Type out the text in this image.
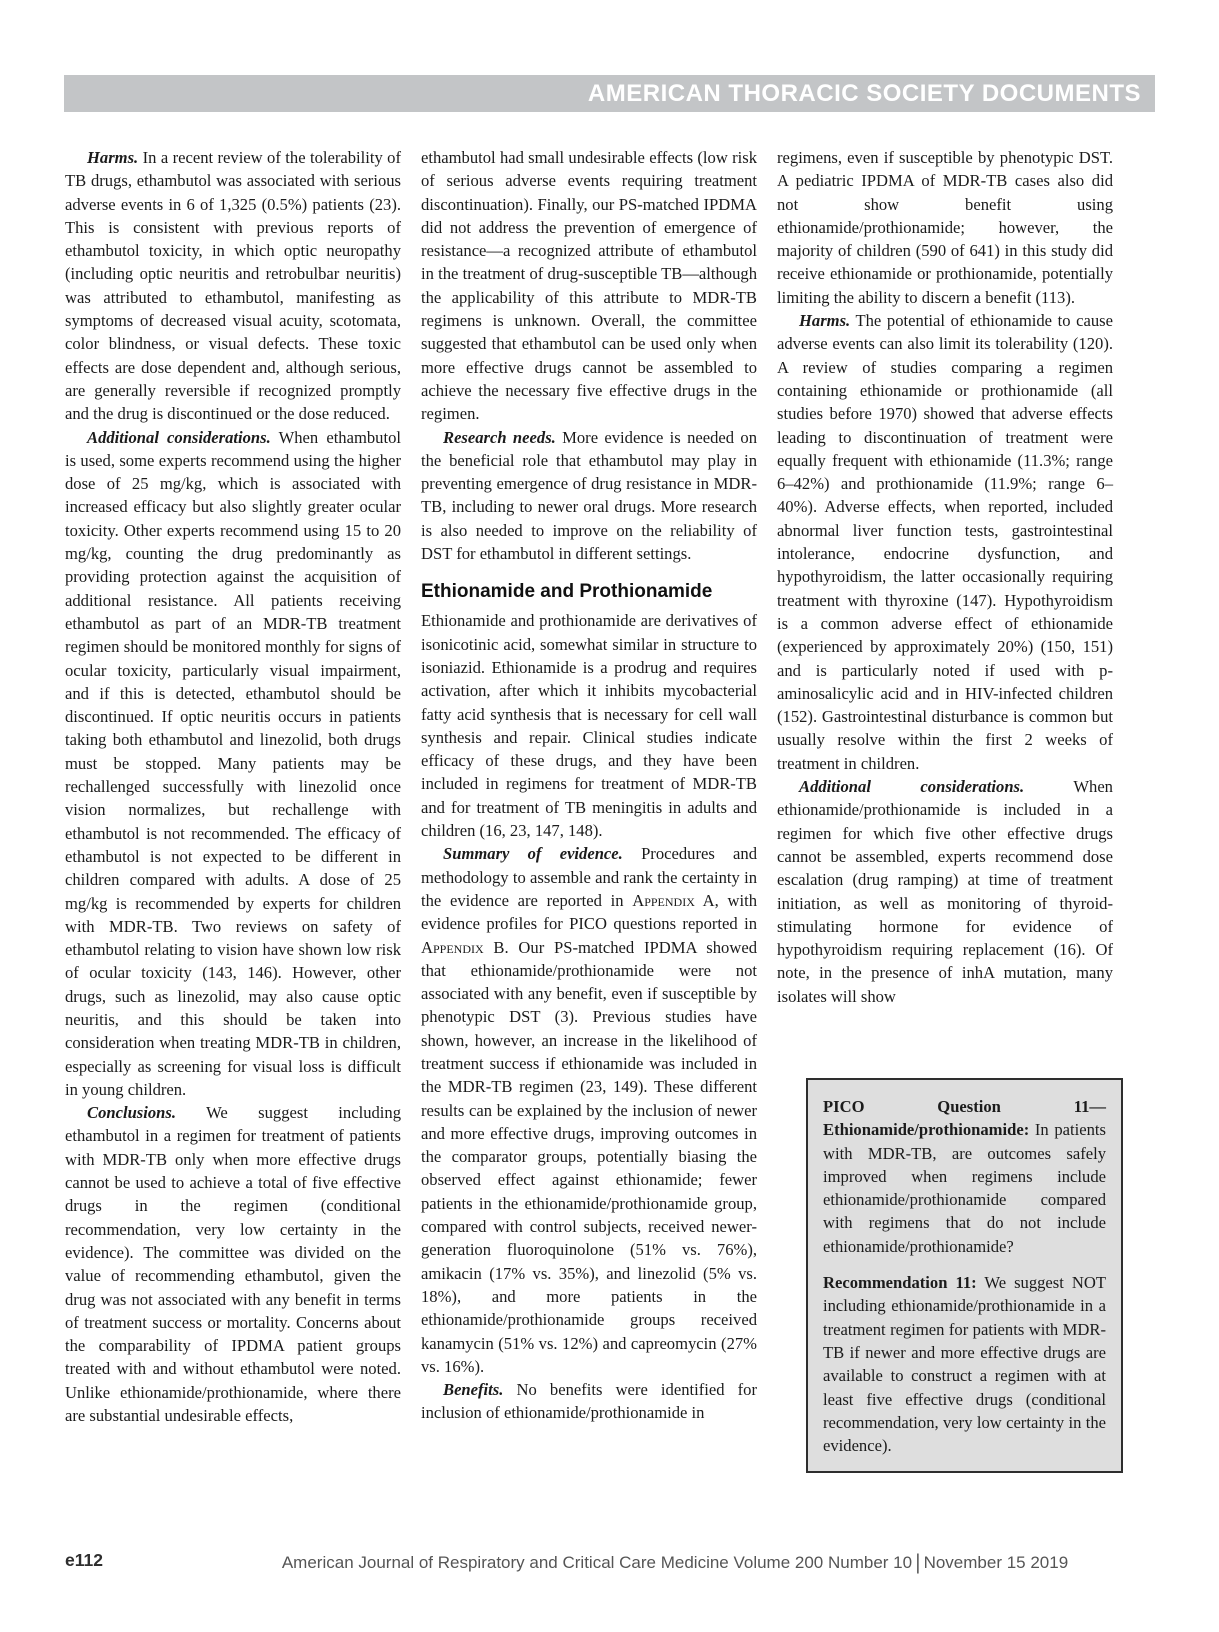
AMERICAN THORACIC SOCIETY DOCUMENTS

Harms. In a recent review of the tolerability of TB drugs, ethambutol was associated with serious adverse events in 6 of 1,325 (0.5%) patients (23). This is consistent with previous reports of ethambutol toxicity, in which optic neuropathy (including optic neuritis and retrobulbar neuritis) was attributed to ethambutol, manifesting as symptoms of decreased visual acuity, scotomata, color blindness, or visual defects. These toxic effects are dose dependent and, although serious, are generally reversible if recognized promptly and the drug is discontinued or the dose reduced.

Additional considerations. When ethambutol is used, some experts recommend using the higher dose of 25 mg/kg, which is associated with increased efficacy but also slightly greater ocular toxicity. Other experts recommend using 15 to 20 mg/kg, counting the drug predominantly as providing protection against the acquisition of additional resistance. All patients receiving ethambutol as part of an MDR-TB treatment regimen should be monitored monthly for signs of ocular toxicity, particularly visual impairment, and if this is detected, ethambutol should be discontinued. If optic neuritis occurs in patients taking both ethambutol and linezolid, both drugs must be stopped. Many patients may be rechallenged successfully with linezolid once vision normalizes, but rechallenge with ethambutol is not recommended. The efficacy of ethambutol is not expected to be different in children compared with adults. A dose of 25 mg/kg is recommended by experts for children with MDR-TB. Two reviews on safety of ethambutol relating to vision have shown low risk of ocular toxicity (143, 146). However, other drugs, such as linezolid, may also cause optic neuritis, and this should be taken into consideration when treating MDR-TB in children, especially as screening for visual loss is difficult in young children.

Conclusions. We suggest including ethambutol in a regimen for treatment of patients with MDR-TB only when more effective drugs cannot be used to achieve a total of five effective drugs in the regimen (conditional recommendation, very low certainty in the evidence). The committee was divided on the value of recommending ethambutol, given the drug was not associated with any benefit in terms of treatment success or mortality. Concerns about the comparability of IPDMA patient groups treated with and without ethambutol were noted. Unlike ethionamide/prothionamide, where there are substantial undesirable effects,

ethambutol had small undesirable effects (low risk of serious adverse events requiring treatment discontinuation). Finally, our PS-matched IPDMA did not address the prevention of emergence of resistance—a recognized attribute of ethambutol in the treatment of drug-susceptible TB—although the applicability of this attribute to MDR-TB regimens is unknown. Overall, the committee suggested that ethambutol can be used only when more effective drugs cannot be assembled to achieve the necessary five effective drugs in the regimen.

Research needs. More evidence is needed on the beneficial role that ethambutol may play in preventing emergence of drug resistance in MDR-TB, including to newer oral drugs. More research is also needed to improve on the reliability of DST for ethambutol in different settings.

Ethionamide and Prothionamide

Ethionamide and prothionamide are derivatives of isonicotinic acid, somewhat similar in structure to isoniazid. Ethionamide is a prodrug and requires activation, after which it inhibits mycobacterial fatty acid synthesis that is necessary for cell wall synthesis and repair. Clinical studies indicate efficacy of these drugs, and they have been included in regimens for treatment of MDR-TB and for treatment of TB meningitis in adults and children (16, 23, 147, 148).

Summary of evidence. Procedures and methodology to assemble and rank the certainty in the evidence are reported in Appendix A, with evidence profiles for PICO questions reported in Appendix B. Our PS-matched IPDMA showed that ethionamide/prothionamide were not associated with any benefit, even if susceptible by phenotypic DST (3). Previous studies have shown, however, an increase in the likelihood of treatment success if ethionamide was included in the MDR-TB regimen (23, 149). These different results can be explained by the inclusion of newer and more effective drugs, improving outcomes in the comparator groups, potentially biasing the observed effect against ethionamide; fewer patients in the ethionamide/prothionamide group, compared with control subjects, received newer-generation fluoroquinolone (51% vs. 76%), amikacin (17% vs. 35%), and linezolid (5% vs. 18%), and more patients in the ethionamide/prothionamide groups received kanamycin (51% vs. 12%) and capreomycin (27% vs. 16%).

Benefits. No benefits were identified for inclusion of ethionamide/prothionamide in

regimens, even if susceptible by phenotypic DST. A pediatric IPDMA of MDR-TB cases also did not show benefit using ethionamide/prothionamide; however, the majority of children (590 of 641) in this study did receive ethionamide or prothionamide, potentially limiting the ability to discern a benefit (113).

Harms. The potential of ethionamide to cause adverse events can also limit its tolerability (120). A review of studies comparing a regimen containing ethionamide or prothionamide (all studies before 1970) showed that adverse effects leading to discontinuation of treatment were equally frequent with ethionamide (11.3%; range 6–42%) and prothionamide (11.9%; range 6–40%). Adverse effects, when reported, included abnormal liver function tests, gastrointestinal intolerance, endocrine dysfunction, and hypothyroidism, the latter occasionally requiring treatment with thyroxine (147). Hypothyroidism is a common adverse effect of ethionamide (experienced by approximately 20%) (150, 151) and is particularly noted if used with p-aminosalicylic acid and in HIV-infected children (152). Gastrointestinal disturbance is common but usually resolve within the first 2 weeks of treatment in children.

Additional considerations. When ethionamide/prothionamide is included in a regimen for which five other effective drugs cannot be assembled, experts recommend dose escalation (drug ramping) at time of treatment initiation, as well as monitoring of thyroid-stimulating hormone for evidence of hypothyroidism requiring replacement (16). Of note, in the presence of inhA mutation, many isolates will show

PICO Question 11—Ethionamide/prothionamide: In patients with MDR-TB, are outcomes safely improved when regimens include ethionamide/prothionamide compared with regimens that do not include ethionamide/prothionamide?

Recommendation 11: We suggest NOT including ethionamide/prothionamide in a treatment regimen for patients with MDR-TB if newer and more effective drugs are available to construct a regimen with at least five effective drugs (conditional recommendation, very low certainty in the evidence).

e112	American Journal of Respiratory and Critical Care Medicine Volume 200 Number 10 | November 15 2019
